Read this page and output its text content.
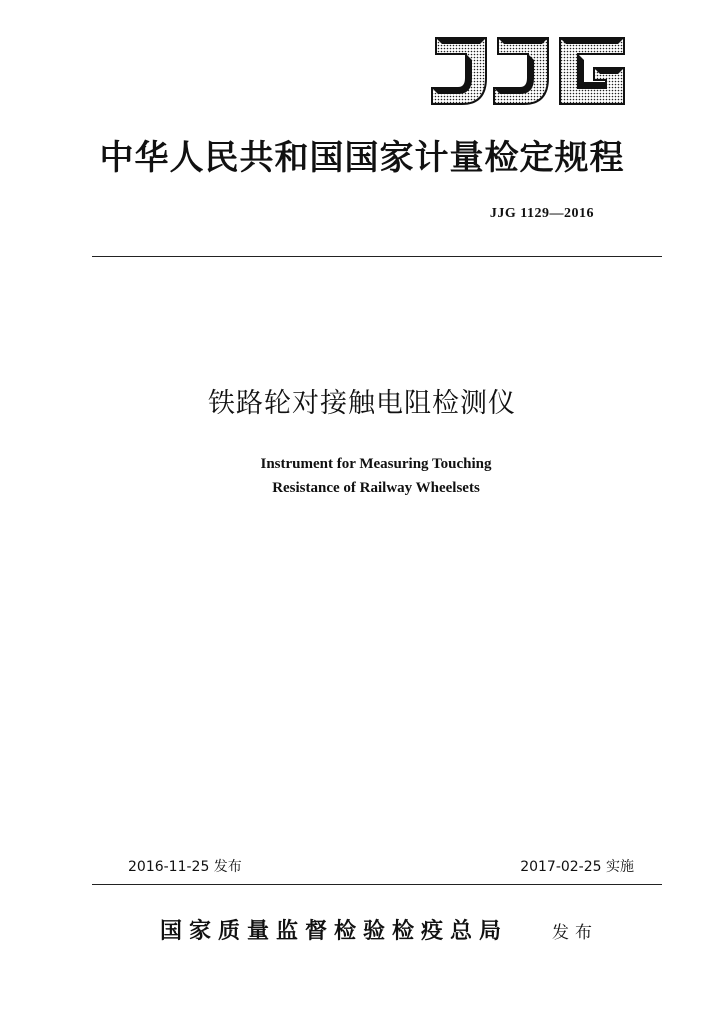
中华人民共和国国家计量检定规程
JJG 1129—2016
铁路轮对接触电阻检测仪
Instrument for Measuring Touching
Resistance of Railway Wheelsets
2016-11-25 发布	2017-02-25 实施
国家质量监督检验检疫总局	发布
